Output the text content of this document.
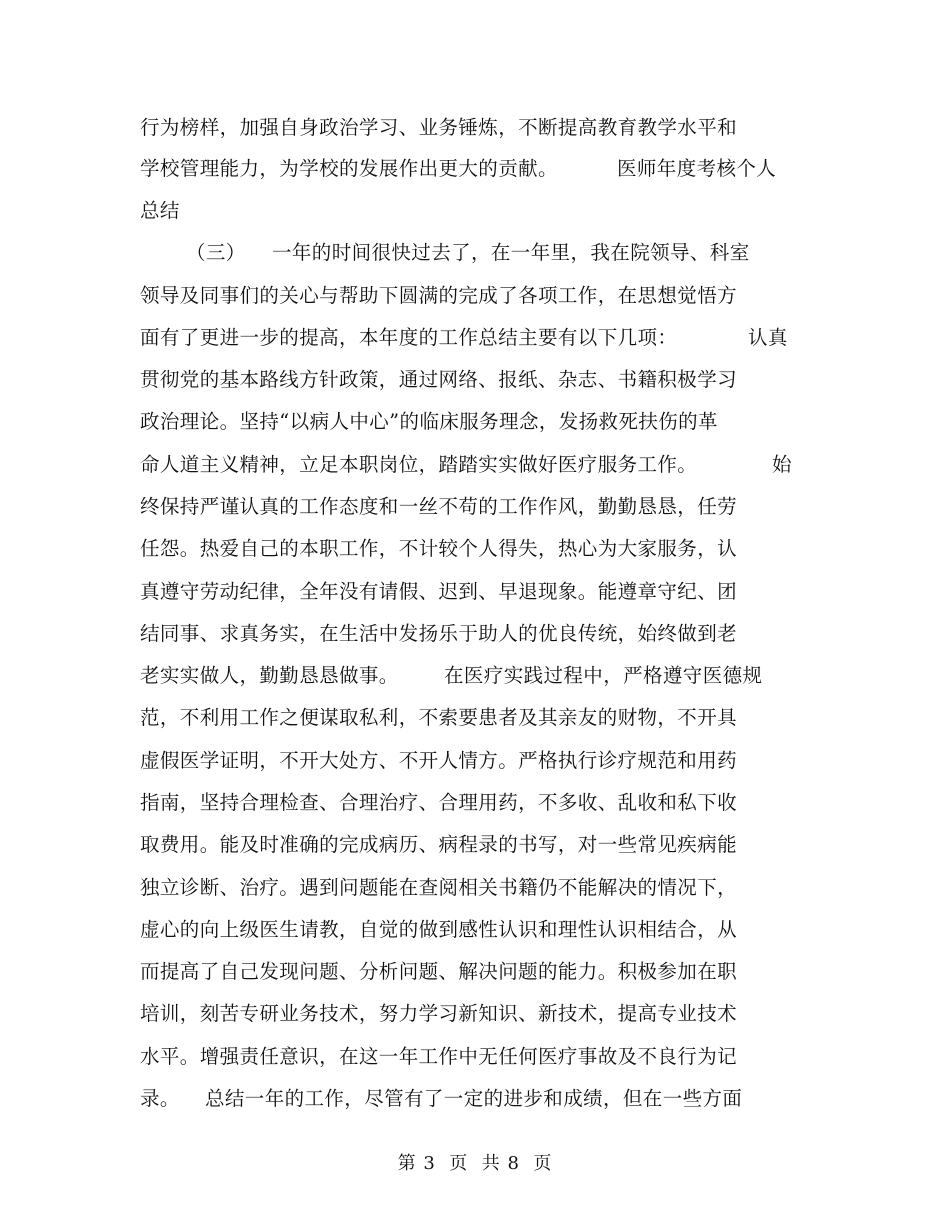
行为榜样，加强自身政治学习、业务锤炼，不断提高教育教学水平和
学校管理能力，为学校的发展作出更大的贡献。	医师年度考核个人
总结
（三） 一年的时间很快过去了，在一年里，我在院领导、科室
领导及同事们的关心与帮助下圆满的完成了各项工作，在思想觉悟方
面有了更进一步的提高，本年度的工作总结主要有以下几项：	认真
贯彻党的基本路线方针政策，通过网络、报纸、杂志、书籍积极学习
政治理论。坚持“以病人中心”的临床服务理念，发扬救死扶伤的革
命人道主义精神，立足本职岗位，踏踏实实做好医疗服务工作。	始
终保持严谨认真的工作态度和一丝不苟的工作作风，勤勤恳恳，任劳
任怨。热爱自己的本职工作，不计较个人得失，热心为大家服务，认
真遵守劳动纪律，全年没有请假、迟到、早退现象。能遵章守纪、团
结同事、求真务实，在生活中发扬乐于助人的优良传统，始终做到老
老实实做人，勤勤恳恳做事。 在医疗实践过程中，严格遵守医德规
范，不利用工作之便谋取私利，不索要患者及其亲友的财物，不开具
虚假医学证明，不开大处方、不开人情方。严格执行诊疗规范和用药
指南，坚持合理检查、合理治疗、合理用药，不多收、乱收和私下收
取费用。能及时准确的完成病历、病程录的书写，对一些常见疾病能
独立诊断、治疗。遇到问题能在查阅相关书籍仍不能解决的情况下，
虚心的向上级医生请教，自觉的做到感性认识和理性认识相结合，从
而提高了自己发现问题、分析问题、解决问题的能力。积极参加在职
培训，刻苦专研业务技术，努力学习新知识、新技术，提高专业技术
水平。增强责任意识，在这一年工作中无任何医疗事故及不良行为记
录。 总结一年的工作，尽管有了一定的进步和成绩，但在一些方面
第 3  页  共 8  页
